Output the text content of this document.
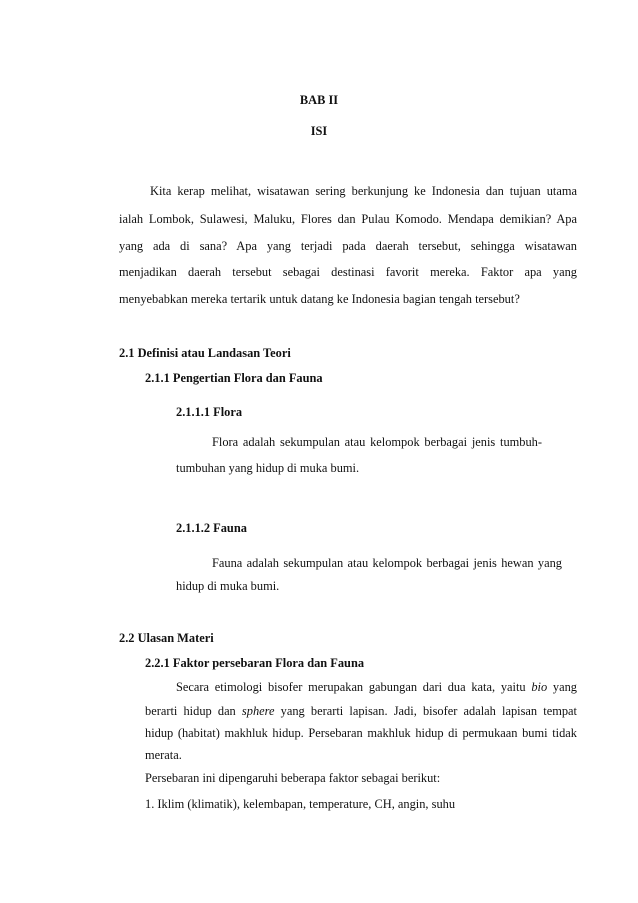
BAB II

ISI

Kita kerap melihat, wisatawan sering berkunjung ke Indonesia dan tujuan utama

ialah Lombok, Sulawesi, Maluku, Flores dan Pulau Komodo. Mendapa demikian? Apa

yang ada di sana? Apa yang terjadi pada daerah tersebut, sehingga wisatawan

menjadikan daerah tersebut sebagai destinasi favorit mereka. Faktor apa yang

menyebabkan mereka tertarik untuk datang ke Indonesia bagian tengah tersebut?

2.1 Definisi atau Landasan Teori

2.1.1 Pengertian Flora dan Fauna

2.1.1.1 Flora

Flora adalah sekumpulan atau kelompok berbagai jenis tumbuh-

tumbuhan yang hidup di muka bumi.

2.1.1.2 Fauna

Fauna adalah sekumpulan atau kelompok berbagai jenis hewan yang

hidup di muka bumi.

2.2 Ulasan Materi

2.2.1 Faktor persebaran Flora dan Fauna

Secara etimologi bisofer merupakan gabungan dari dua kata, yaitu bio yang

berarti hidup dan sphere yang berarti lapisan. Jadi, bisofer adalah lapisan tempat

hidup (habitat) makhluk hidup. Persebaran makhluk hidup di permukaan bumi tidak

merata.

Persebaran ini dipengaruhi beberapa faktor sebagai berikut:

1. Iklim (klimatik), kelembapan, temperature, CH, angin, suhu
